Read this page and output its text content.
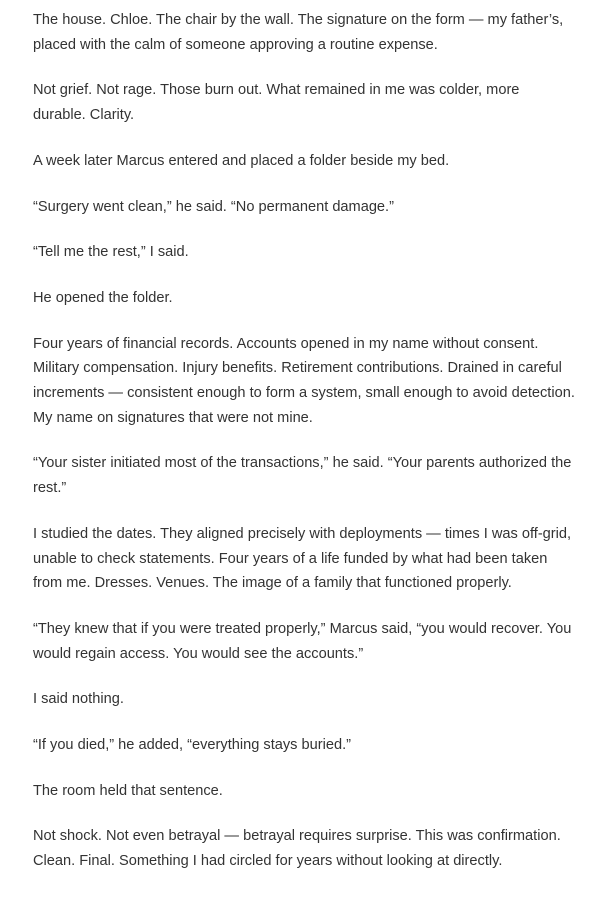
The house. Chloe. The chair by the wall. The signature on the form — my father’s, placed with the calm of someone approving a routine expense.

Not grief. Not rage. Those burn out. What remained in me was colder, more durable. Clarity.

A week later Marcus entered and placed a folder beside my bed.

“Surgery went clean,” he said. “No permanent damage.”

“Tell me the rest,” I said.

He opened the folder.

Four years of financial records. Accounts opened in my name without consent. Military compensation. Injury benefits. Retirement contributions. Drained in careful increments — consistent enough to form a system, small enough to avoid detection. My name on signatures that were not mine.

“Your sister initiated most of the transactions,” he said. “Your parents authorized the rest.”

I studied the dates. They aligned precisely with deployments — times I was off-grid, unable to check statements. Four years of a life funded by what had been taken from me. Dresses. Venues. The image of a family that functioned properly.

“They knew that if you were treated properly,” Marcus said, “you would recover. You would regain access. You would see the accounts.”

I said nothing.

“If you died,” he added, “everything stays buried.”

The room held that sentence.

Not shock. Not even betrayal — betrayal requires surprise. This was confirmation. Clean. Final. Something I had circled for years without looking at directly.
